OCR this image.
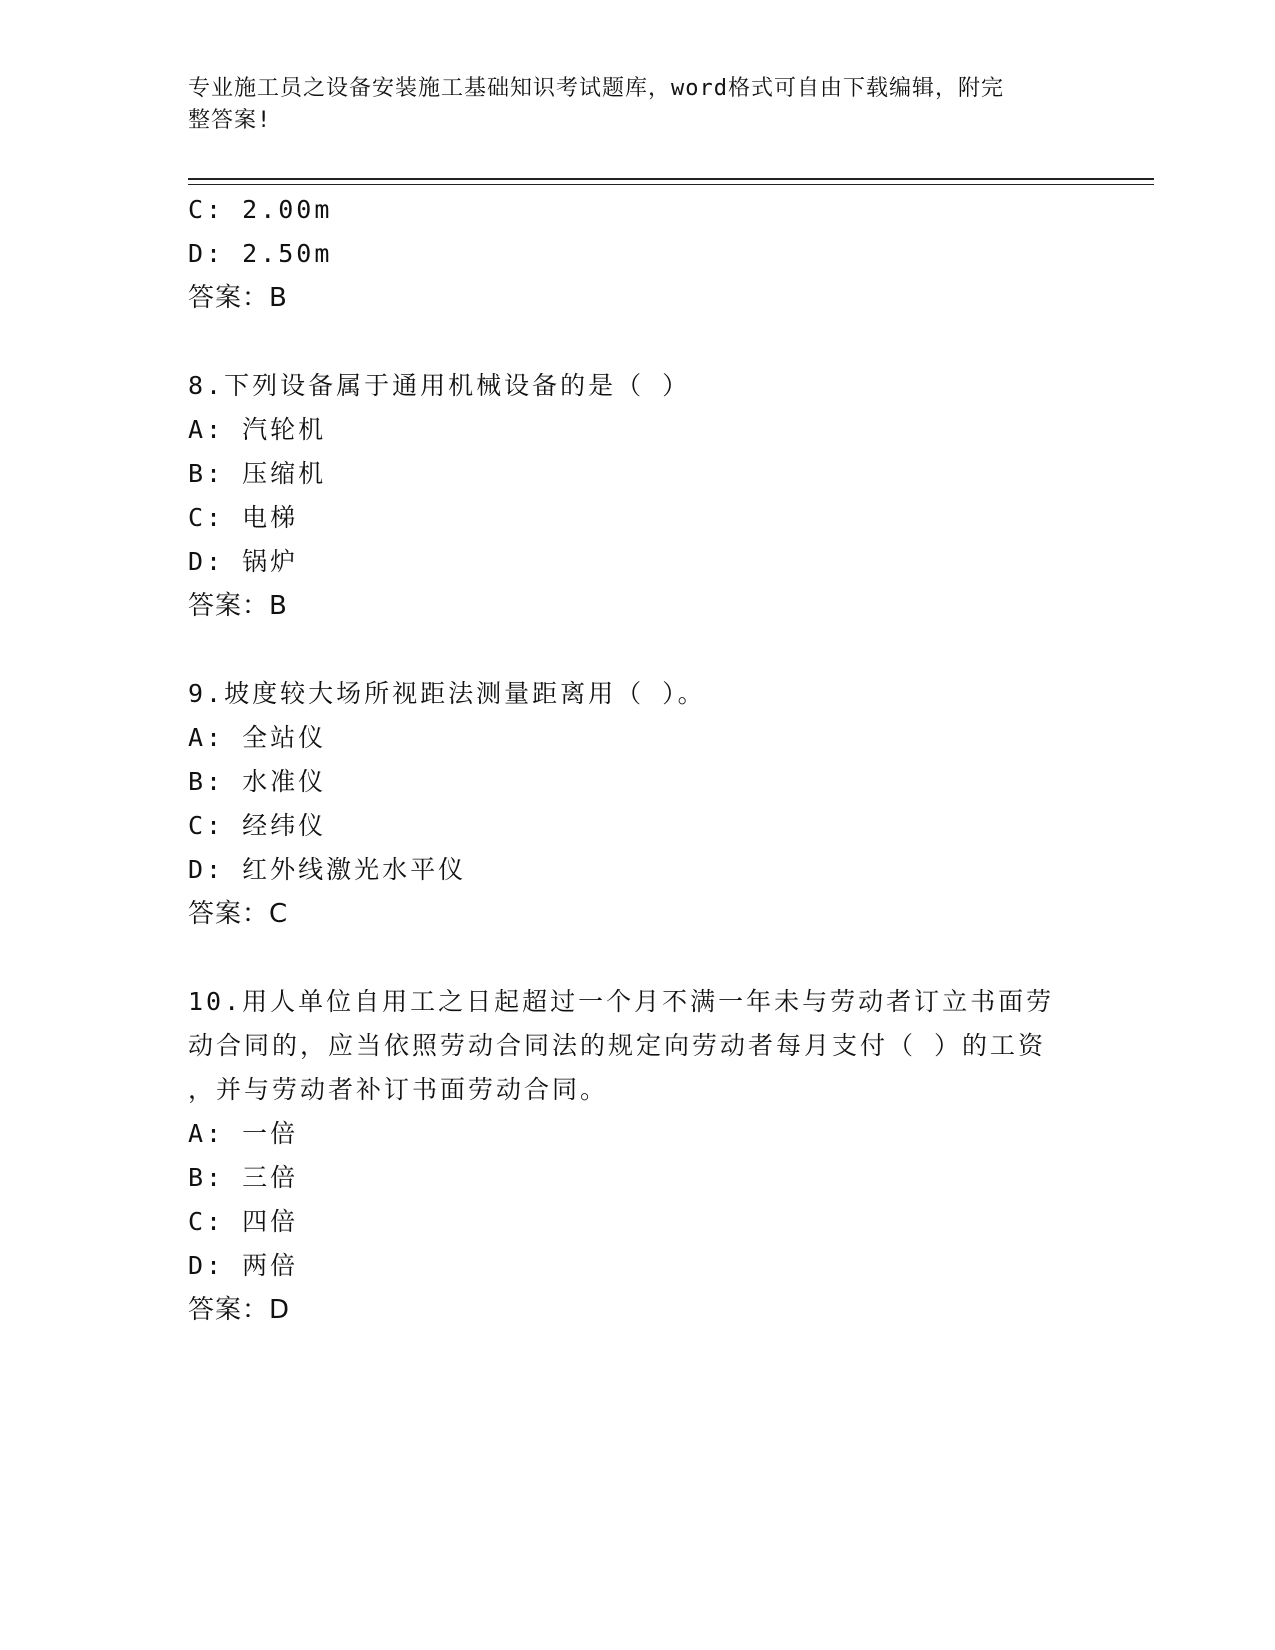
专业施工员之设备安装施工基础知识考试题库，word格式可自由下载编辑，附完
整答案!
C: 2.00m
D: 2.50m
答案：B
8.下列设备属于通用机械设备的是（ ）
A: 汽轮机
B: 压缩机
C: 电梯
D: 锅炉
答案：B
9.坡度较大场所视距法测量距离用（ ）。
A: 全站仪
B: 水准仪
C: 经纬仪
D: 红外线激光水平仪
答案：C
10.用人单位自用工之日起超过一个月不满一年未与劳动者订立书面劳
动合同的，应当依照劳动合同法的规定向劳动者每月支付（ ）的工资
，并与劳动者补订书面劳动合同。
A: 一倍
B: 三倍
C: 四倍
D: 两倍
答案：D
